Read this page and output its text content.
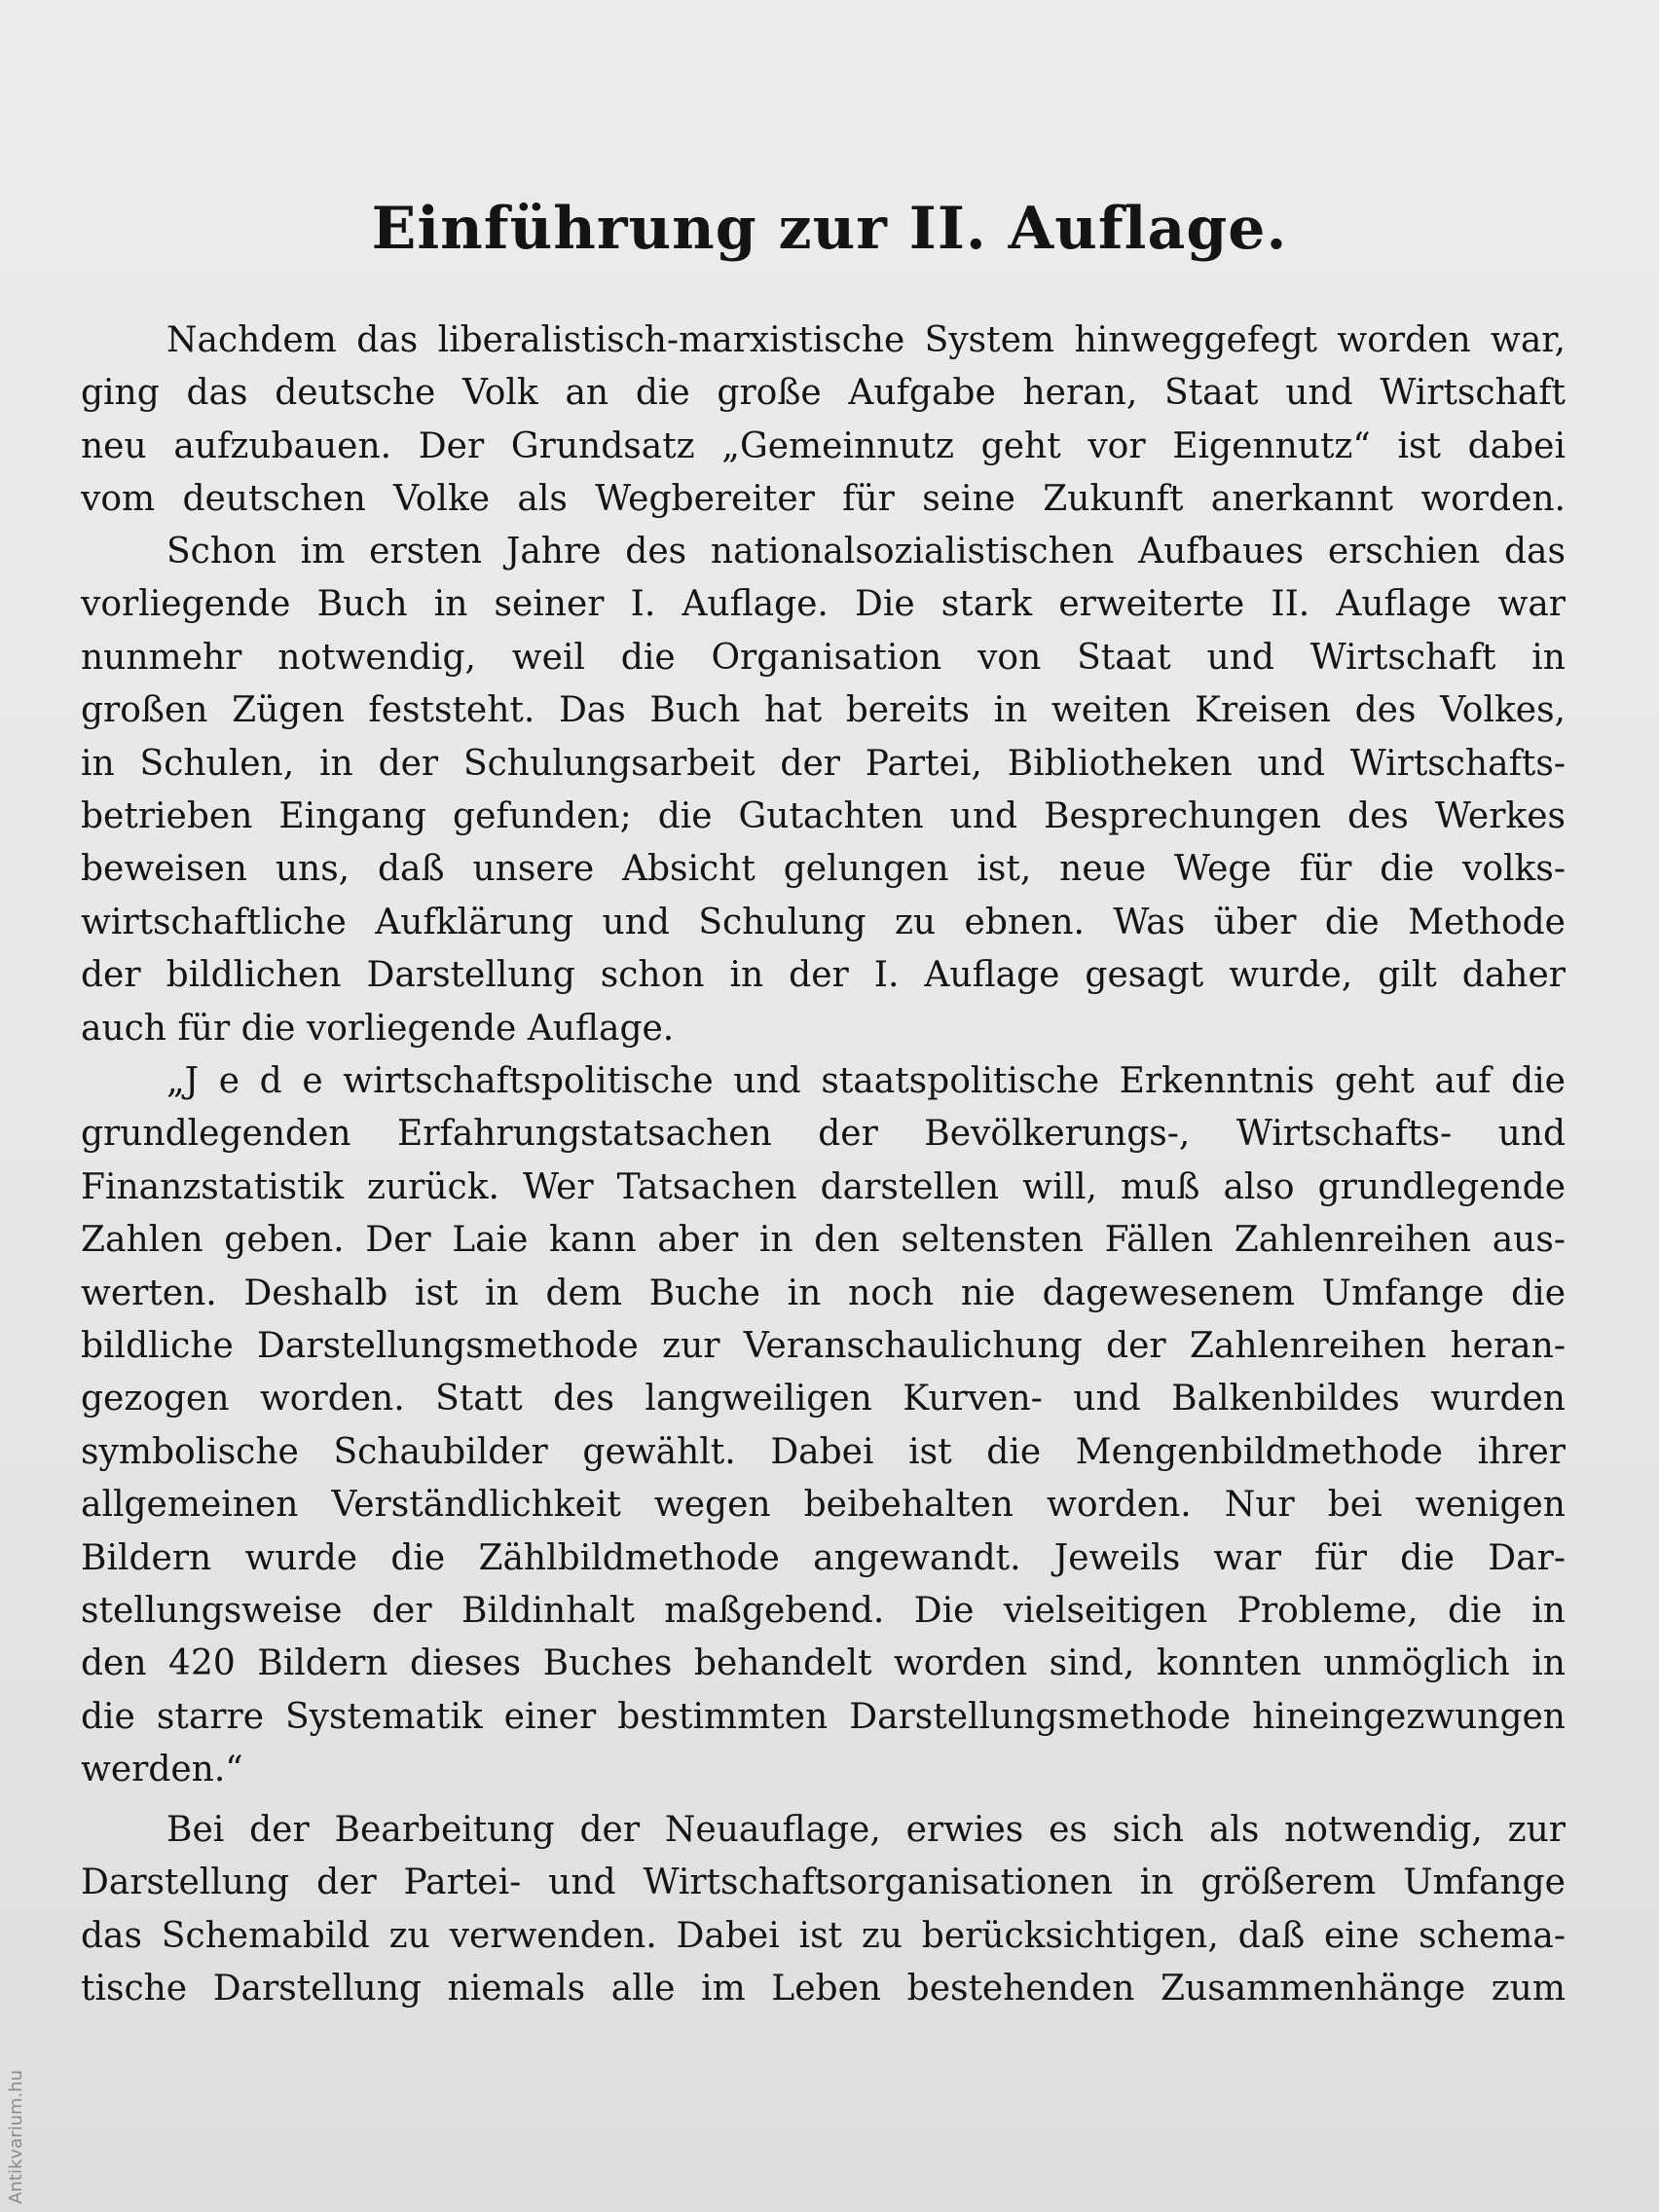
Einführung zur II. Auflage.
Nachdem das liberalistisch-marxistische System hinweggefegt worden war,
ging das deutsche Volk an die große Aufgabe heran, Staat und Wirtschaft
neu aufzubauen. Der Grundsatz „Gemeinnutz geht vor Eigennutz“ ist dabei
vom deutschen Volke als Wegbereiter für seine Zukunft anerkannt worden.
Schon im ersten Jahre des nationalsozialistischen Aufbaues erschien das
vorliegende Buch in seiner I. Auflage. Die stark erweiterte II. Auflage war
nunmehr notwendig, weil die Organisation von Staat und Wirtschaft in
großen Zügen feststeht. Das Buch hat bereits in weiten Kreisen des Volkes,
in Schulen, in der Schulungsarbeit der Partei, Bibliotheken und Wirtschafts-
betrieben Eingang gefunden; die Gutachten und Besprechungen des Werkes
beweisen uns, daß unsere Absicht gelungen ist, neue Wege für die volks-
wirtschaftliche Aufklärung und Schulung zu ebnen. Was über die Methode
der bildlichen Darstellung schon in der I. Auflage gesagt wurde, gilt daher
auch für die vorliegende Auflage.
„J e d e wirtschaftspolitische und staatspolitische Erkenntnis geht auf die
grundlegenden Erfahrungstatsachen der Bevölkerungs-, Wirtschafts- und
Finanzstatistik zurück. Wer Tatsachen darstellen will, muß also grundlegende
Zahlen geben. Der Laie kann aber in den seltensten Fällen Zahlenreihen aus-
werten. Deshalb ist in dem Buche in noch nie dagewesenem Umfange die
bildliche Darstellungsmethode zur Veranschaulichung der Zahlenreihen heran-
gezogen worden. Statt des langweiligen Kurven- und Balkenbildes wurden
symbolische Schaubilder gewählt. Dabei ist die Mengenbildmethode ihrer
allgemeinen Verständlichkeit wegen beibehalten worden. Nur bei wenigen
Bildern wurde die Zählbildmethode angewandt. Jeweils war für die Dar-
stellungsweise der Bildinhalt maßgebend. Die vielseitigen Probleme, die in
den 420 Bildern dieses Buches behandelt worden sind, konnten unmöglich in
die starre Systematik einer bestimmten Darstellungsmethode hineingezwungen
werden.“
Bei der Bearbeitung der Neuauflage, erwies es sich als notwendig, zur
Darstellung der Partei- und Wirtschaftsorganisationen in größerem Umfange
das Schemabild zu verwenden. Dabei ist zu berücksichtigen, daß eine schema-
tische Darstellung niemals alle im Leben bestehenden Zusammenhänge zum
Antikvarium.hu
